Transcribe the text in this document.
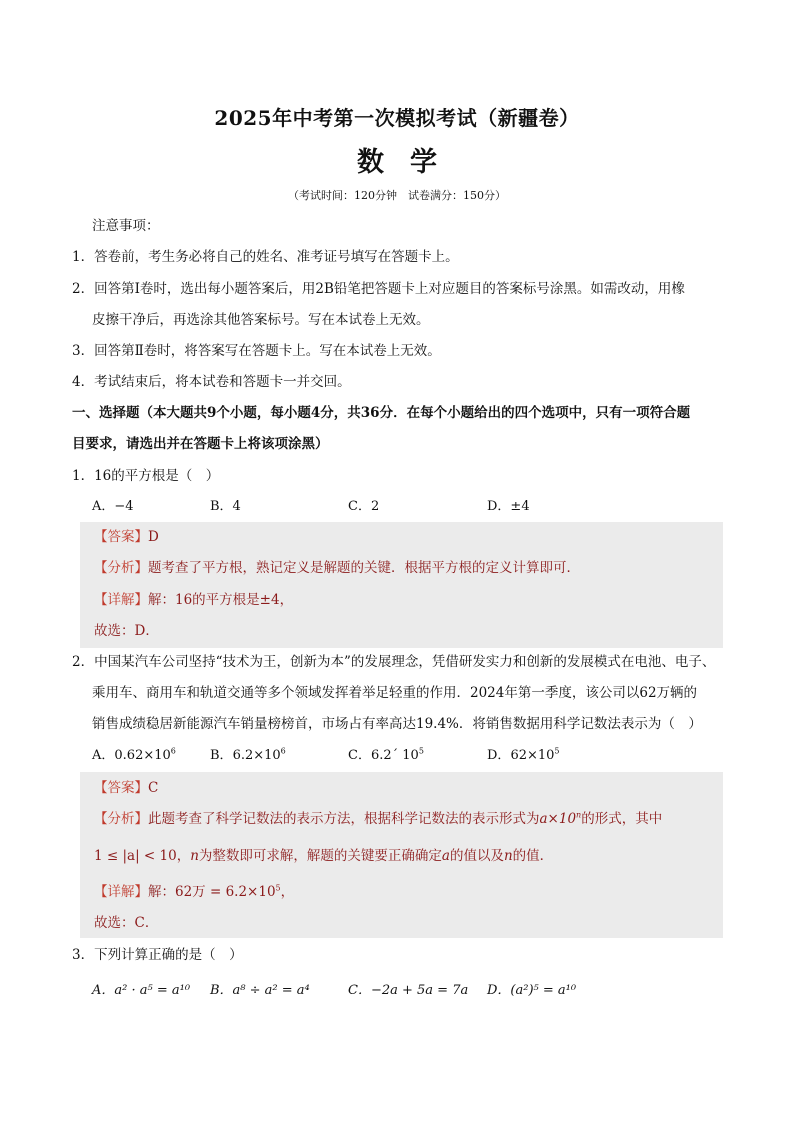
2025年中考第一次模拟考试（新疆卷）
数学
（考试时间：120分钟　试卷满分：150分）
注意事项：
1．答卷前，考生务必将自己的姓名、准考证号填写在答题卡上。
2．回答第Ⅰ卷时，选出每小题答案后，用2B铅笔把答题卡上对应题目的答案标号涂黑。如需改动，用橡
皮擦干净后，再选涂其他答案标号。写在本试卷上无效。
3．回答第Ⅱ卷时，将答案写在答题卡上。写在本试卷上无效。
4．考试结束后，将本试卷和答题卡一并交回。
一、选择题（本大题共9个小题，每小题4分，共36分．在每个小题给出的四个选项中，只有一项符合题
目要求，请选出并在答题卡上将该项涂黑）
1．16的平方根是（　）
A．−4	B．4	C．2	D．±4
【答案】D
【分析】题考查了平方根，熟记定义是解题的关键．根据平方根的定义计算即可．
【详解】解：16的平方根是±4，
故选：D．
2．中国某汽车公司坚持“技术为王，创新为本”的发展理念，凭借研发实力和创新的发展模式在电池、电子、
乘用车、商用车和轨道交通等多个领域发挥着举足轻重的作用．2024年第一季度，该公司以62万辆的
销售成绩稳居新能源汽车销量榜榜首，市场占有率高达19.4%．将销售数据用科学记数法表示为（　）
A．$0.62\times 10^6$	B．$6.2\times 10^6$	C．6.2´ $10^5$	D．$62\times 10^5$
【答案】C
【分析】此题考查了科学记数法的表示方法，根据科学记数法的表示形式为$a\times 10^n$的形式，其中
1 ≤ |a| < 10，n为整数即可求解，解题的关键要正确确定a的值以及n的值．
【详解】解：62万 = $6.2\times 10^5$，
故选：C．
3．下列计算正确的是（　）
A．a² · a⁵ = a¹⁰ B．a⁸ ÷ a² = a⁴	C．−2a + 5a = 7a D．(a²)⁵ = a¹⁰
